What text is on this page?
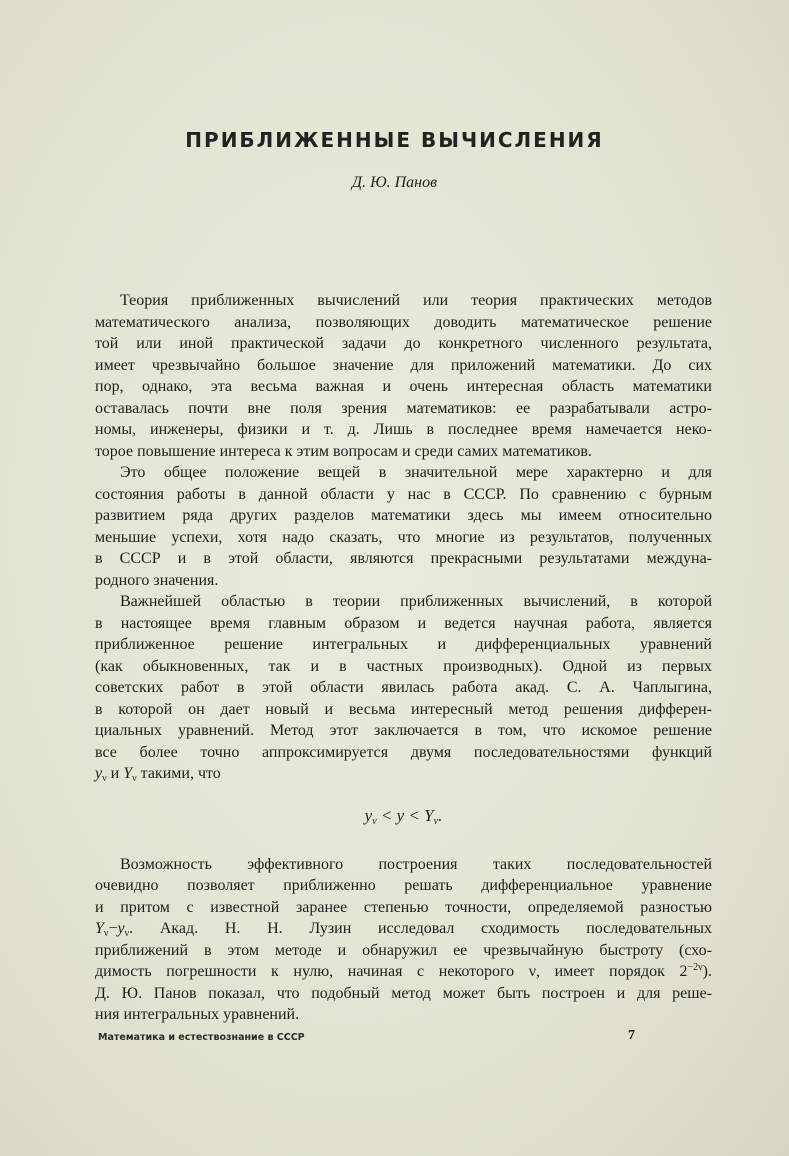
ПРИБЛИЖЕННЫЕ ВЫЧИСЛЕНИЯ
Д. Ю. Панов
Теория приближенных вычислений или теория практических методов
математического анализа, позволяющих доводить математическое решение
той или иной практической задачи до конкретного численного результата,
имеет чрезвычайно большое значение для приложений математики. До сих
пор, однако, эта весьма важная и очень интересная область математики
оставалась почти вне поля зрения математиков: ее разрабатывали астро-
номы, инженеры, физики и т. д. Лишь в последнее время намечается неко-
торое повышение интереса к этим вопросам и среди самих математиков.
Это общее положение вещей в значительной мере характерно и для
состояния работы в данной области у нас в СССР. По сравнению с бурным
развитием ряда других разделов математики здесь мы имеем относительно
меньшие успехи, хотя надо сказать, что многие из результатов, полученных
в СССР и в этой области, являются прекрасными результатами междуна-
родного значения.
Важнейшей областью в теории приближенных вычислений, в которой
в настоящее время главным образом и ведется научная работа, является
приближенное решение интегральных и дифференциальных уравнений
(как обыкновенных, так и в частных производных). Одной из первых
советских работ в этой области явилась работа акад. С. А. Чаплыгина,
в которой он дает новый и весьма интересный метод решения дифферен-
циальных уравнений. Метод этот заключается в том, что искомое решение
все более точно аппроксимируется двумя последовательностями функций
$y_\nu$ и $Y_\nu$ такими, что
$y_\nu < y < Y_\nu$.
Возможность эффективного построения таких последовательностей
очевидно позволяет приближенно решать дифференциальное уравнение
и притом с известной заранее степенью точности, определяемой разностью
$Y_\nu-y_\nu$. Акад. Н. Н. Лузин исследовал сходимость последовательных
приближений в этом методе и обнаружил ее чрезвычайную быстроту (схо-
димость погрешности к нулю, начиная с некоторого ν, имеет порядок $2^{-2\nu}$).
Д. Ю. Панов показал, что подобный метод может быть построен и для реше-
ния интегральных уравнений.
Математика и естествознание в СССР	7
